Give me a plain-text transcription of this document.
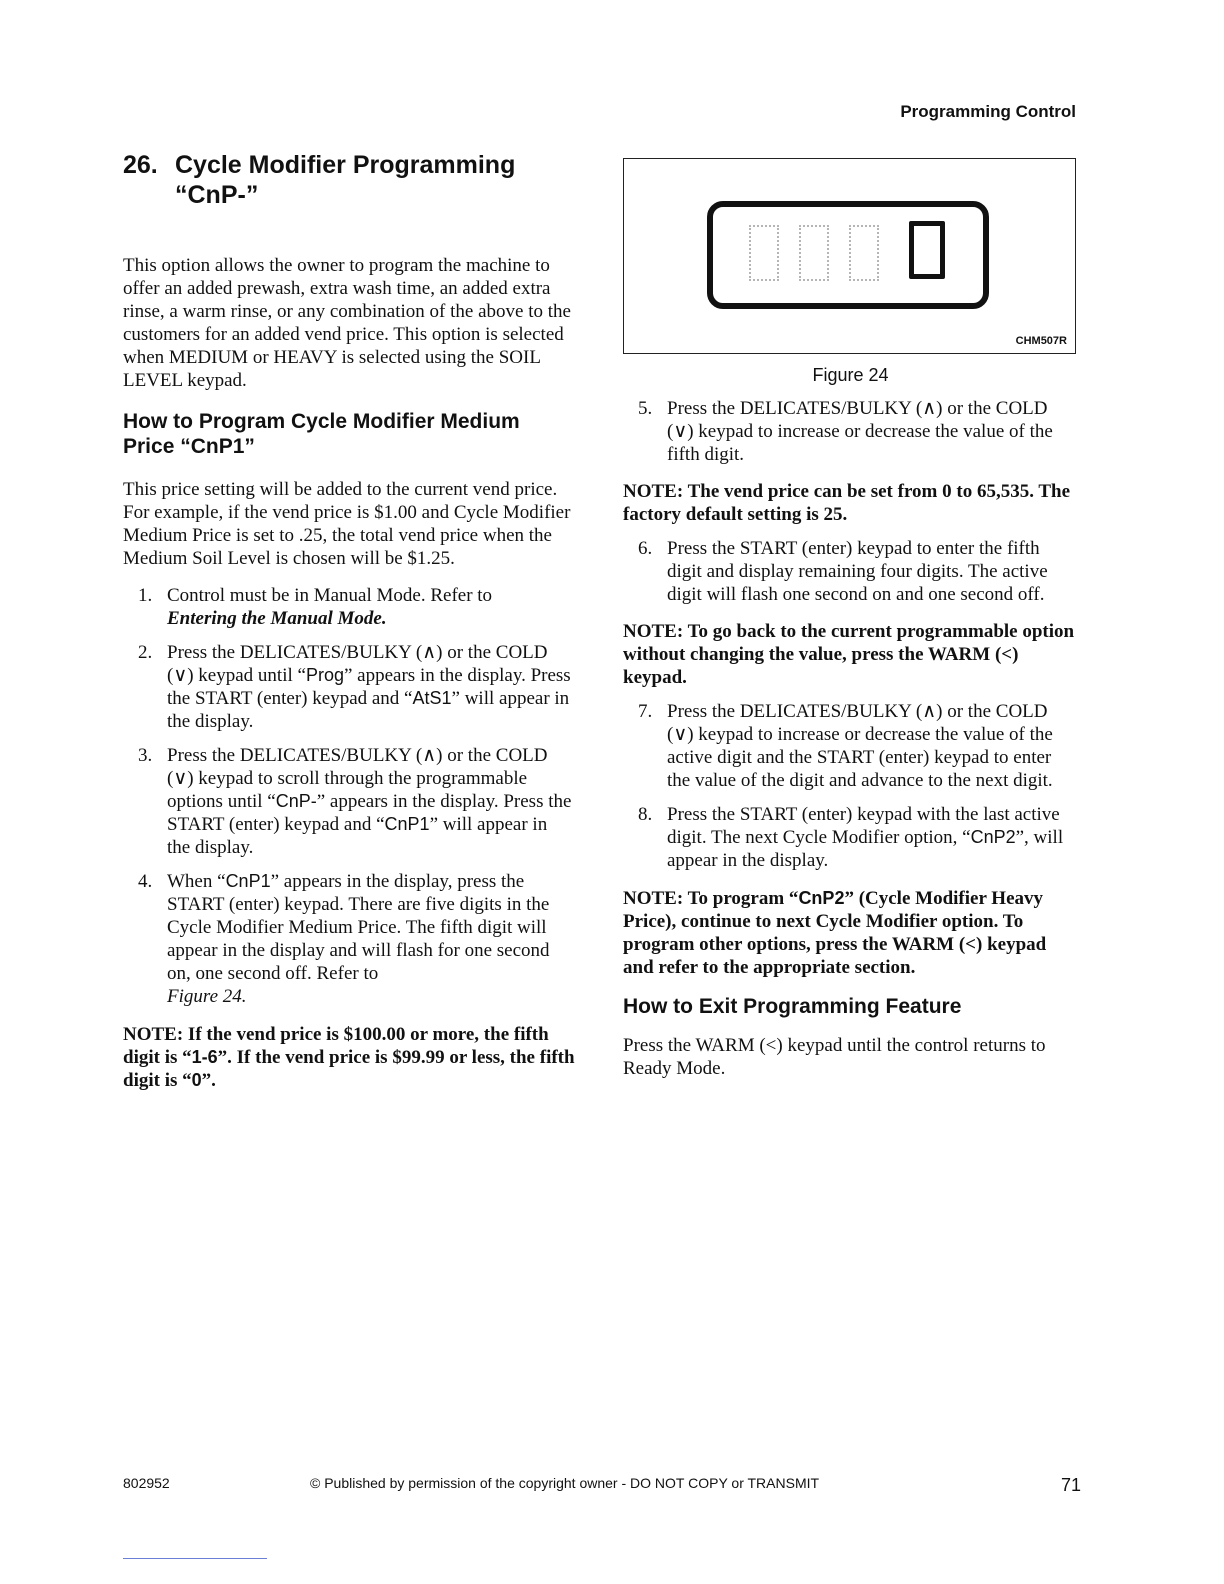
Programming Control
26. Cycle Modifier Programming
“CnP-”

This option allows the owner to program the machine to offer an added prewash, extra wash time, an added extra rinse, a warm rinse, or any combination of the above to the customers for an added vend price. This option is selected when MEDIUM or HEAVY is selected using the SOIL LEVEL keypad.

How to Program Cycle Modifier Medium Price “CnP1”

This price setting will be added to the current vend price. For example, if the vend price is $1.00 and Cycle Modifier Medium Price is set to .25, the total vend price when the Medium Soil Level is chosen will be $1.25.

1. Control must be in Manual Mode. Refer to
Entering the Manual Mode.
2. Press the DELICATES/BULKY (∧) or the COLD (∨) keypad until “Prog” appears in the display. Press the START (enter) keypad and “AtS1” will appear in the display.
3. Press the DELICATES/BULKY (∧) or the COLD (∨) keypad to scroll through the programmable options until “CnP-” appears in the display. Press the START (enter) keypad and “CnP1” will appear in the display.
4. When “CnP1” appears in the display, press the START (enter) keypad. There are five digits in the Cycle Modifier Medium Price. The fifth digit will appear in the display and will flash for one second on, one second off. Refer to
Figure 24.

NOTE: If the vend price is $100.00 or more, the fifth digit is “1-6”. If the vend price is $99.99 or less, the fifth digit is “0”.

CHM507R
Figure 24
5. Press the DELICATES/BULKY (∧) or the COLD (∨) keypad to increase or decrease the value of the fifth digit.

NOTE: The vend price can be set from 0 to 65,535. The factory default setting is 25.

6. Press the START (enter) keypad to enter the fifth digit and display remaining four digits. The active digit will flash one second on and one second off.

NOTE: To go back to the current programmable option without changing the value, press the WARM (<) keypad.

7. Press the DELICATES/BULKY (∧) or the COLD (∨) keypad to increase or decrease the value of the active digit and the START (enter) keypad to enter the value of the digit and advance to the next digit.
8. Press the START (enter) keypad with the last active digit. The next Cycle Modifier option, “CnP2”, will appear in the display.

NOTE: To program “CnP2” (Cycle Modifier Heavy Price), continue to next Cycle Modifier option. To program other options, press the WARM (<) keypad and refer to the appropriate section.

How to Exit Programming Feature

Press the WARM (<) keypad until the control returns to Ready Mode.

802952	© Published by permission of the copyright owner - DO NOT COPY or TRANSMIT	71
